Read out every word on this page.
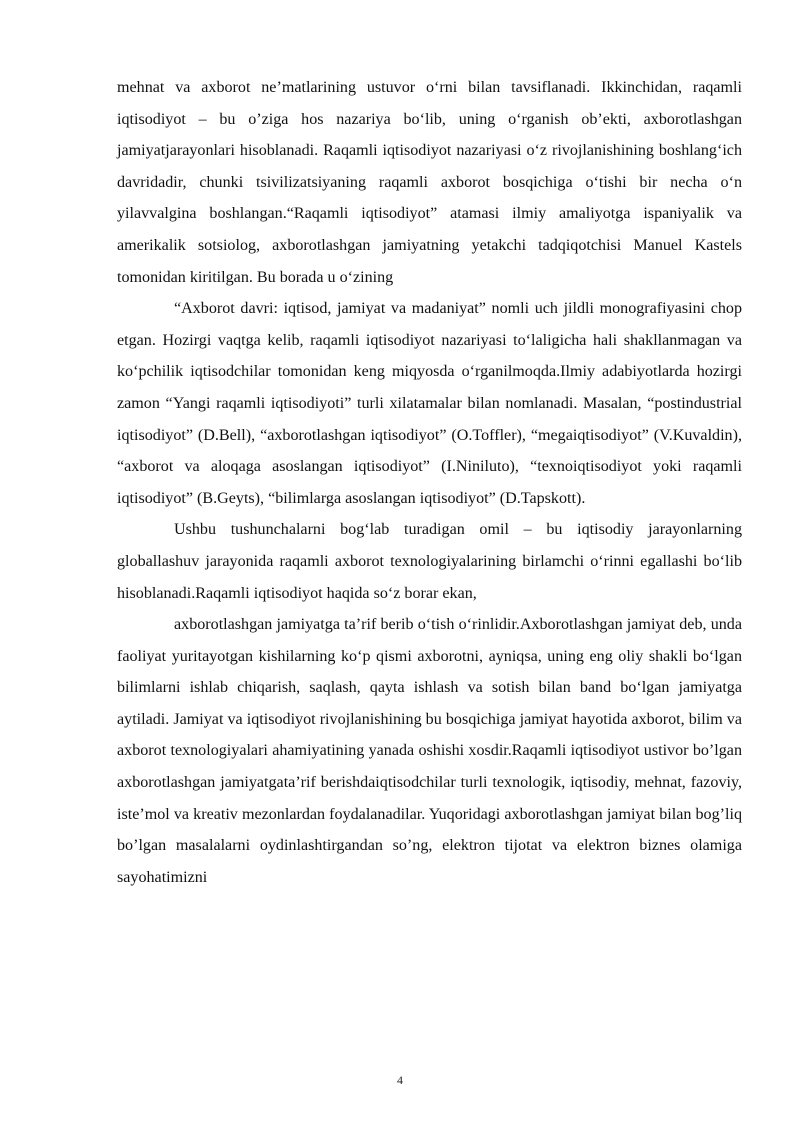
mehnat va axborot ne’matlarining ustuvor o‘rni bilan tavsiflanadi. Ikkinchidan, raqamli iqtisodiyot – bu o’ziga hos nazariya bo‘lib, uning o‘rganish ob’ekti, axborotlashgan jamiyatjarayonlari hisoblanadi. Raqamli iqtisodiyot nazariyasi o‘z rivojlanishining boshlang‘ich davridadir, chunki tsivilizatsiyaning raqamli axborot bosqichiga o‘tishi bir necha o‘n yilavvalgina boshlangan.“Raqamli iqtisodiyot” atamasi ilmiy amaliyotga ispaniyalik va amerikalik sotsiolog, axborotlashgan jamiyatning yetakchi tadqiqotchisi Manuel Kastels tomonidan kiritilgan. Bu borada u o‘zining

“Axborot davri: iqtisod, jamiyat va madaniyat” nomli uch jildli monografiyasini chop etgan. Hozirgi vaqtga kelib, raqamli iqtisodiyot nazariyasi to‘laligicha hali shakllanmagan va ko‘pchilik iqtisodchilar tomonidan keng miqyosda o‘rganilmoqda.Ilmiy adabiyotlarda hozirgi zamon “Yangi raqamli iqtisodiyoti” turli xilatamalar bilan nomlanadi. Masalan, “postindustrial iqtisodiyot” (D.Bell), “axborotlashgan iqtisodiyot” (O.Toffler), “megaiqtisodiyot” (V.Kuvaldin), “axborot va aloqaga asoslangan iqtisodiyot” (I.Niniluto), “texnoiqtisodiyot yoki raqamli iqtisodiyot” (B.Geyts), “bilimlarga asoslangan iqtisodiyot” (D.Tapskott).

Ushbu tushunchalarni bog‘lab turadigan omil – bu iqtisodiy jarayonlarning globallashuv jarayonida raqamli axborot texnologiyalarining birlamchi o‘rinni egallashi bo‘lib hisoblanadi.Raqamli iqtisodiyot haqida so‘z borar ekan,

axborotlashgan jamiyatga ta’rif berib o‘tish o‘rinlidir.Axborotlashgan jamiyat deb, unda faoliyat yuritayotgan kishilarning ko‘p qismi axborotni, ayniqsa, uning eng oliy shakli bo‘lgan bilimlarni ishlab chiqarish, saqlash, qayta ishlash va sotish bilan band bo‘lgan jamiyatga aytiladi. Jamiyat va iqtisodiyot rivojlanishining bu bosqichiga jamiyat hayotida axborot, bilim va axborot texnologiyalari ahamiyatining yanada oshishi xosdir.Raqamli iqtisodiyot ustivor bo’lgan axborotlashgan jamiyatgata’rif berishdaiqtisodchilar turli texnologik, iqtisodiy, mehnat, fazoviy, iste’mol va kreativ mezonlardan foydalanadilar. Yuqoridagi axborotlashgan jamiyat bilan bog’liq bo’lgan masalalarni oydinlashtirgandan so’ng, elektron tijotat va elektron biznes olamiga sayohatimizni

4
